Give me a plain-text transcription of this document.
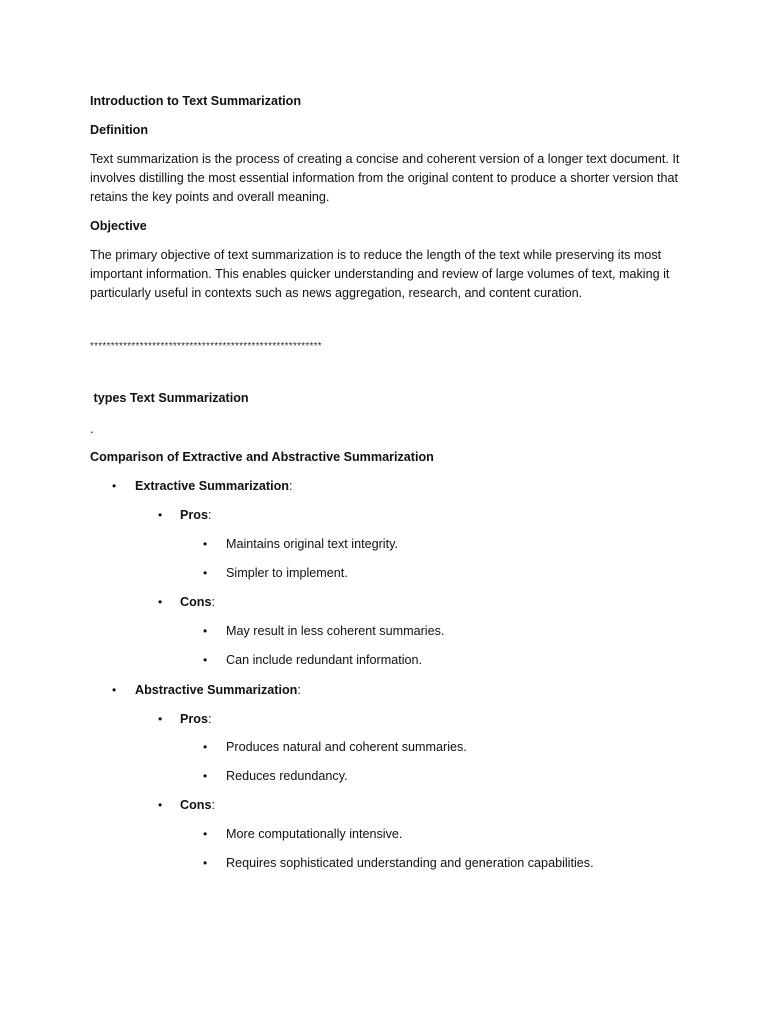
Introduction to Text Summarization
Definition
Text summarization is the process of creating a concise and coherent version of a longer text document. It involves distilling the most essential information from the original content to produce a shorter version that retains the key points and overall meaning.
Objective
The primary objective of text summarization is to reduce the length of the text while preserving its most important information. This enables quicker understanding and review of large volumes of text, making it particularly useful in contexts such as news aggregation, research, and content curation.
********************************************************
types Text Summarization
.
Comparison of Extractive and Abstractive Summarization
• Extractive Summarization:
• Pros:
• Maintains original text integrity.
• Simpler to implement.
• Cons:
• May result in less coherent summaries.
• Can include redundant information.
• Abstractive Summarization:
• Pros:
• Produces natural and coherent summaries.
• Reduces redundancy.
• Cons:
• More computationally intensive.
• Requires sophisticated understanding and generation capabilities.
